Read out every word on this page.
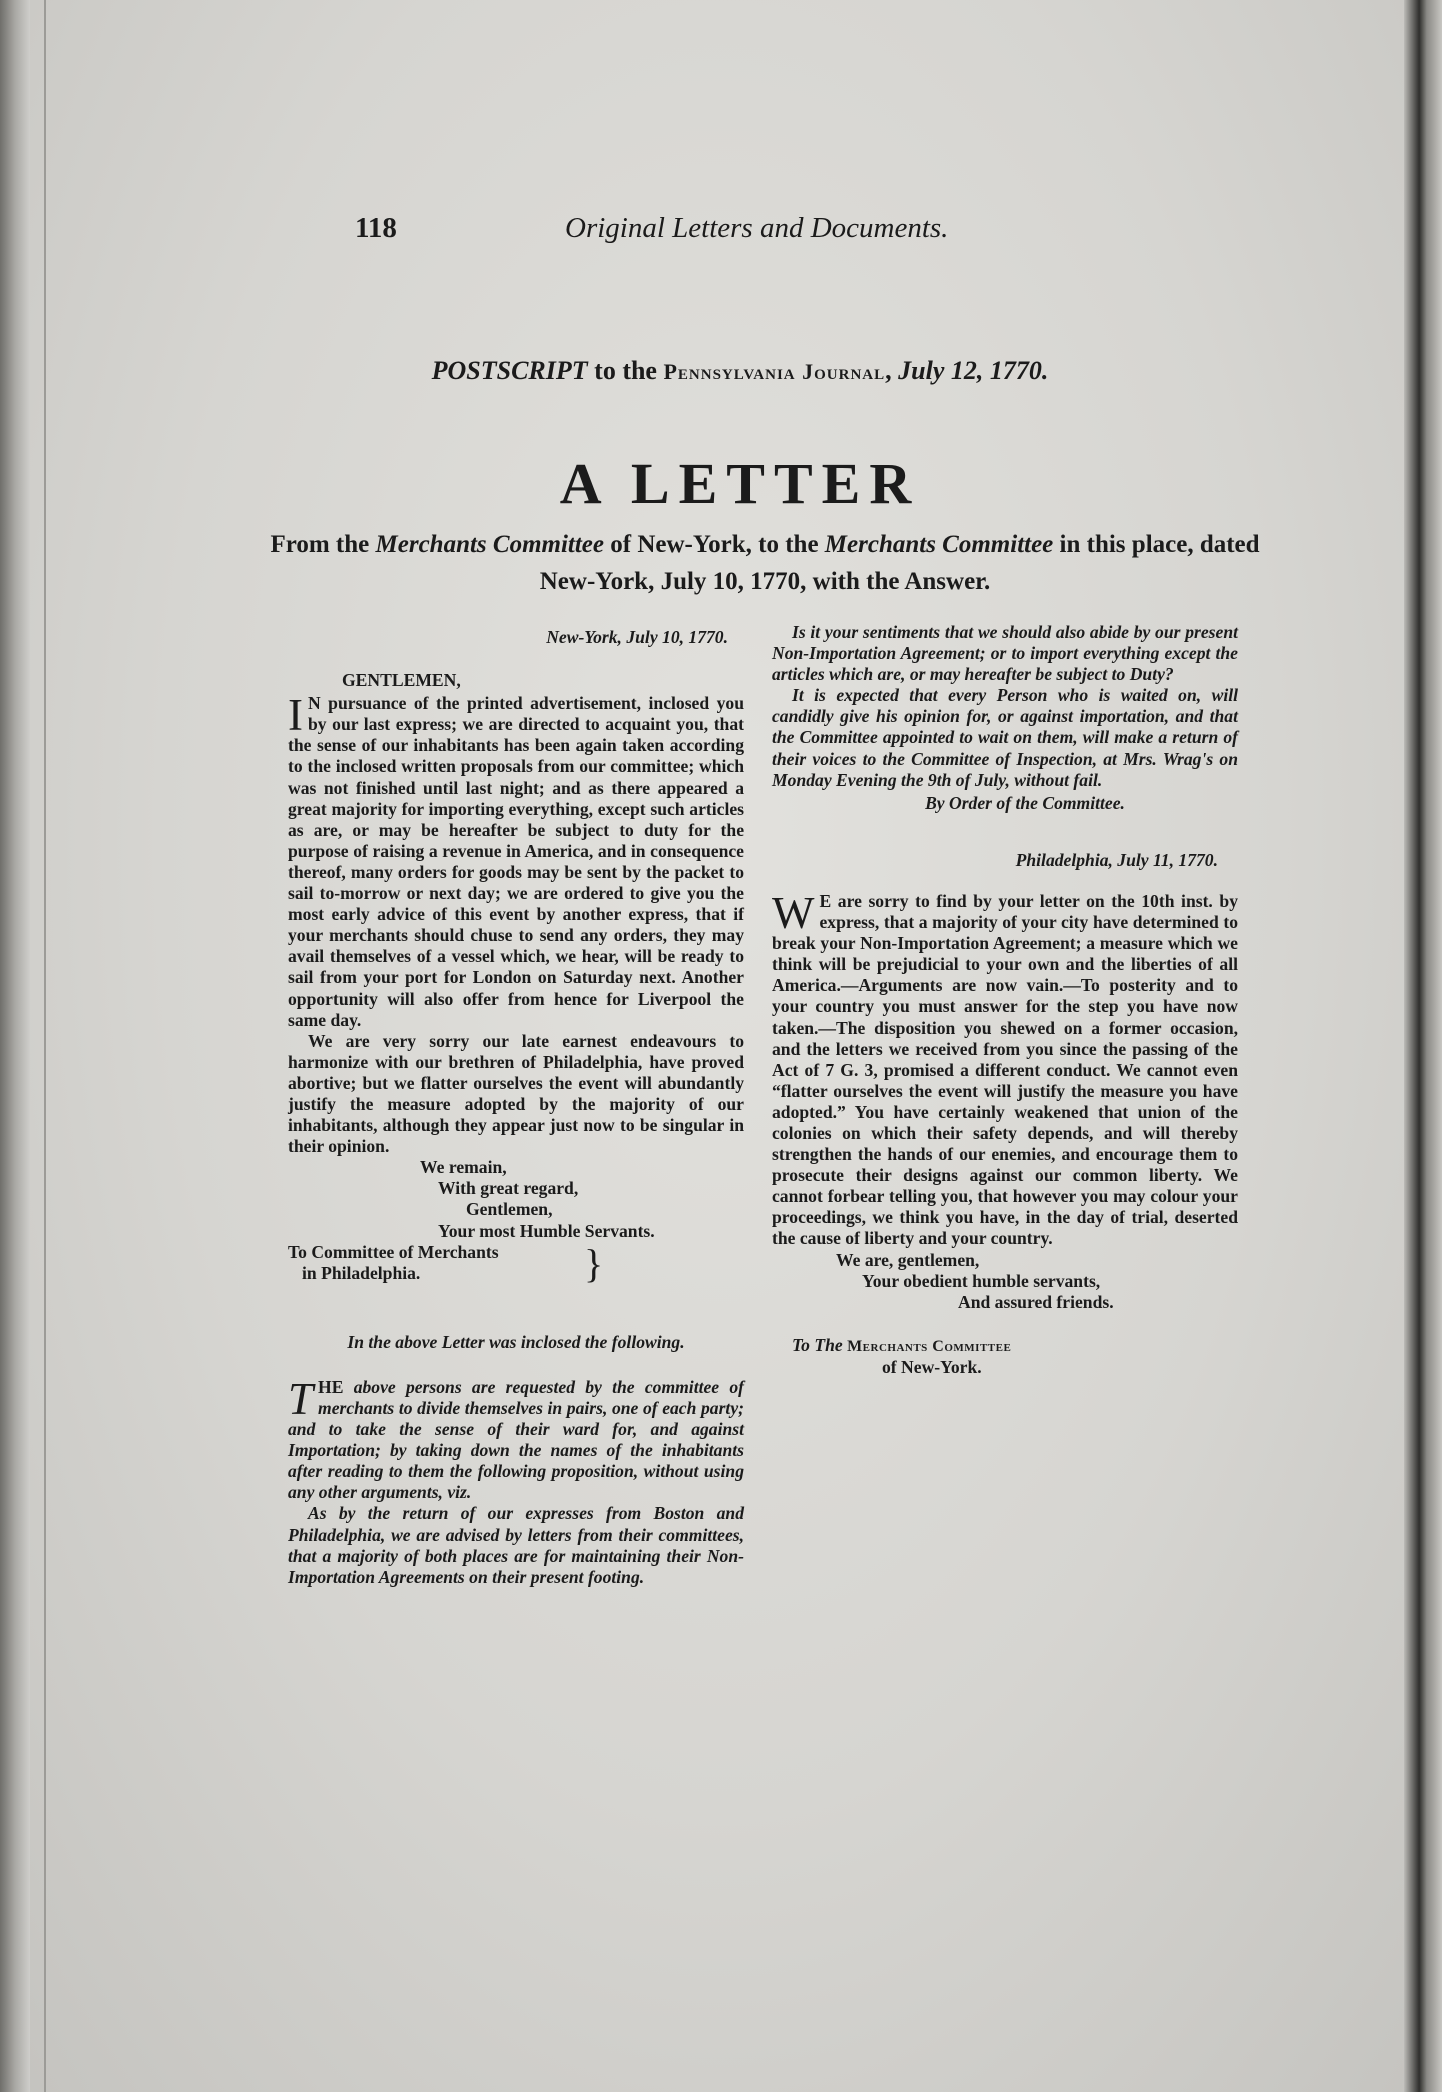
118	Original Letters and Documents.
POSTSCRIPT to the Pennsylvania Journal, July 12, 1770.
A LETTER
From the Merchants Committee of New-York, to the Merchants Committee in this place, dated New-York, July 10, 1770, with the Answer.
New-York, July 10, 1770.
GENTLEMEN,

I N pursuance of the printed advertisement, inclosed you by our last express; we are directed to acquaint you, that the sense of our inhabitants has been again taken according to the inclosed written proposals from our committee; which was not finished until last night; and as there appeared a great majority for importing everything, except such articles as are, or may be hereafter be subject to duty for the purpose of raising a revenue in America, and in consequence thereof, many orders for goods may be sent by the packet to sail to-morrow or next day; we are ordered to give you the most early advice of this event by another express, that if your merchants should chuse to send any orders, they may avail themselves of a vessel which, we hear, will be ready to sail from your port for London on Saturday next. Another opportunity will also offer from hence for Liverpool the same day.

We are very sorry our late earnest endeavours to harmonize with our brethren of Philadelphia, have proved abortive; but we flatter ourselves the event will abundantly justify the measure adopted by the majority of our inhabitants, although they appear just now to be singular in their opinion.

We remain,
With great regard,
Gentlemen,
Your most Humble Servants.
To Committee of Merchants
in Philadelphia.	}
In the above Letter was inclosed the following.

THE above persons are requested by the committee of merchants to divide themselves in pairs, one of each party; and to take the sense of their ward for, and against Importation; by taking down the names of the inhabitants after reading to them the following proposition, without using any other arguments, viz.

As by the return of our expresses from Boston and Philadelphia, we are advised by letters from their committees, that a majority of both places are for maintaining their Non-Importation Agreements on their present footing.

Is it your sentiments that we should also abide by our present Non-Importation Agreement; or to import everything except the articles which are, or may hereafter be subject to Duty?

It is expected that every Person who is waited on, will candidly give his opinion for, or against importation, and that the Committee appointed to wait on them, will make a return of their voices to the Committee of Inspection, at Mrs. Wrag's on Monday Evening the 9th of July, without fail.

By Order of the Committee.
Philadelphia, July 11, 1770.

W E are sorry to find by your letter on the 10th inst. by express, that a majority of your city have determined to break your Non-Importation Agreement; a measure which we think will be prejudicial to your own and the liberties of all America.—Arguments are now vain.—To posterity and to your country you must answer for the step you have now taken.—The disposition you shewed on a former occasion, and the letters we received from you since the passing of the Act of 7 G. 3, promised a different conduct. We cannot even “flatter ourselves the event will justify the measure you have adopted.” You have certainly weakened that union of the colonies on which their safety depends, and will thereby strengthen the hands of our enemies, and encourage them to prosecute their designs against our common liberty. We cannot forbear telling you, that however you may colour your proceedings, we think you have, in the day of trial, deserted the cause of liberty and your country.

We are, gentlemen,
Your obedient humble servants,
And assured friends.
To The Merchants Committee
of New-York.
